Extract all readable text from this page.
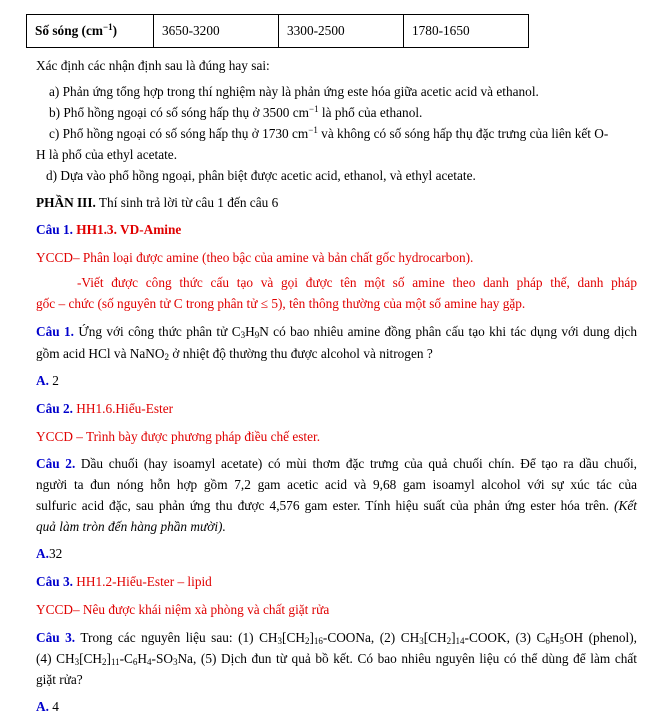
Số sóng $(cm^{-1})$	3650-3200	3300-2500	1780-1650
Xác định các nhận định sau là đúng hay sai:
a) Phản ứng tổng hợp trong thí nghiệm này là phản ứng este hóa giữa acetic acid và ethanol.
b) Phổ hồng ngoại có số sóng hấp thụ ở 3500 $cm^{-1}$ là phổ của ethanol.
c) Phổ hồng ngoại có số sóng hấp thụ ở 1730 $cm^{-1}$ và không có số sóng hấp thụ đặc trưng của liên kết O-
H là phổ của ethyl acetate.
d) Dựa vào phổ hồng ngoại, phân biệt được acetic acid, ethanol, và ethyl acetate.
PHẦN III. Thí sinh trả lời từ câu 1 đến câu 6
Câu 1. HH1.3. VD-Amine
YCCD– Phân loại được amine (theo bậc của amine và bản chất gốc hydrocarbon).
-Viết được công thức cấu tạo và gọi được tên một số amine theo danh pháp thế, danh pháp
gốc – chức (số nguyên tử C trong phân tử ≤ 5), tên thông thường của một số amine hay gặp.
Câu 1. Ứng với công thức phân tử $C_3H_9N$ có bao nhiêu amine đồng phân cấu tạo khi tác dụng với dung dịch
gồm acid HCl và NaNO$_2$ ở nhiệt độ thường thu được alcohol và nitrogen ?
A. 2
Câu 2. HH1.6.Hiểu-Ester
YCCD – Trình bày được phương pháp điều chế ester.
Câu 2. Dầu chuối (hay isoamyl acetate) có mùi thơm đặc trưng của quả chuối chín. Để tạo ra dầu chuối,
người ta đun nóng hỗn hợp gồm 7,2 gam acetic acid và 9,68 gam isoamyl alcohol với sự xúc tác của
sulfuric acid đặc, sau phản ứng thu được 4,576 gam ester. Tính hiệu suất của phản ứng ester hóa trên. (Kết
quả làm tròn đến hàng phần mười).
A.32
Câu 3. HH1.2-Hiểu-Ester – lipid
YCCD– Nêu được khái niệm xà phòng và chất giặt rửa
Câu 3. Trong các nguyên liệu sau: (1) $CH_3[CH_2]_{16}$-COONa, (2) $CH_3[CH_2]_{14}$-COOK, (3) $C_6H_5OH$ (phenol),
(4) $CH_3[CH_2]_{11}-C_6H_4-SO_3Na$, (5) Dịch đun từ quả bồ kết. Có bao nhiêu nguyên liệu có thể dùng để làm chất
giặt rửa?
A. 4
